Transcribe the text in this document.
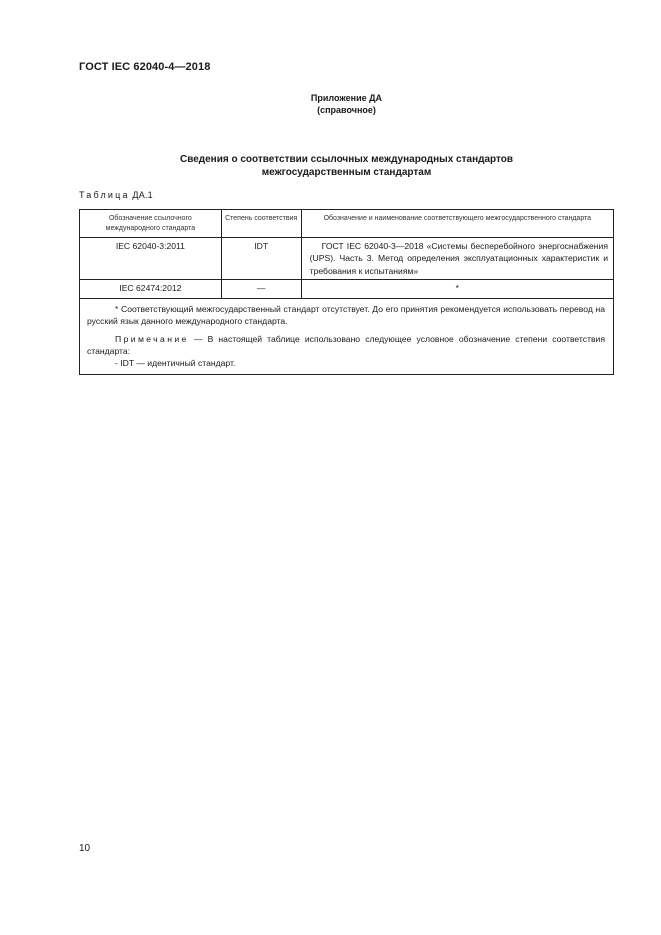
ГОСТ IEC 62040-4—2018
Приложение ДА
(справочное)
Сведения о соответствии ссылочных международных стандартов
межгосударственным стандартам
Таблица ДА.1
Обозначение ссылочного международного стандарта	Степень соответствия	Обозначение и наименование соответствующего межгосударственного стандарта
IEC 62040-3:2011	IDT	ГОСТ IEC 62040-3—2018 «Системы бесперебойного энергоснабжения (UPS). Часть 3. Метод определения эксплуатационных характеристик и требования к испытаниям»
IEC 62474:2012	—	*

* Соответствующий межгосударственный стандарт отсутствует. До его принятия рекомендуется использовать перевод на русский язык данного международного стандарта.

Примечание — В настоящей таблице использовано следующее условное обозначение степени соответствия стандарта:

- IDT — идентичный стандарт.		

10
